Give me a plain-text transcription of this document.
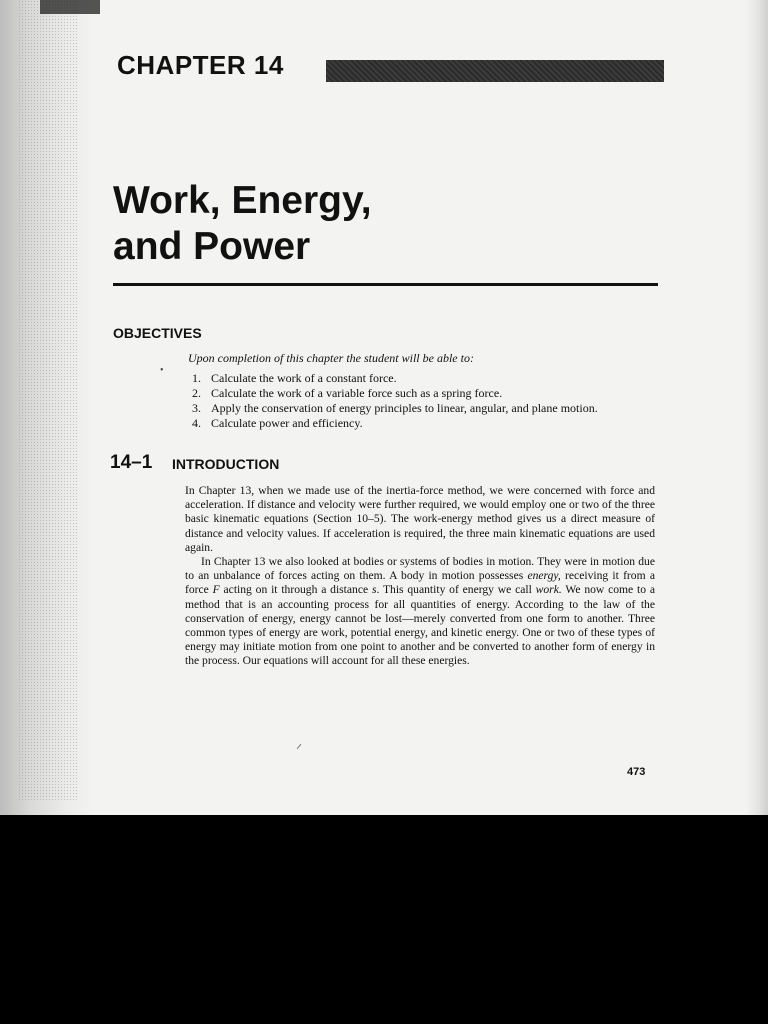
CHAPTER 14
Work, Energy,
and Power
OBJECTIVES
Upon completion of this chapter the student will be able to:
•
1. Calculate the work of a constant force.
2. Calculate the work of a variable force such as a spring force.
3. Apply the conservation of energy principles to linear, angular, and plane motion.
4. Calculate power and efficiency.
14–1 INTRODUCTION

In Chapter 13, when we made use of the inertia-force method, we were concerned with force and acceleration. If distance and velocity were further required, we would employ one or two of the three basic kinematic equations (Section 10–5). The work-energy method gives us a direct measure of distance and velocity values. If acceleration is required, the three main kinematic equations are used again.

In Chapter 13 we also looked at bodies or systems of bodies in motion. They were in motion due to an unbalance of forces acting on them. A body in motion possesses energy, receiving it from a force F acting on it through a distance s. This quantity of energy we call work. We now come to a method that is an accounting process for all quantities of energy. According to the law of the conservation of energy, energy cannot be lost—merely converted from one form to another. Three common types of energy are work, potential energy, and kinetic energy. One or two of these types of energy may initiate motion from one point to another and be converted to another form of energy in the process. Our equations will account for all these energies.

473
